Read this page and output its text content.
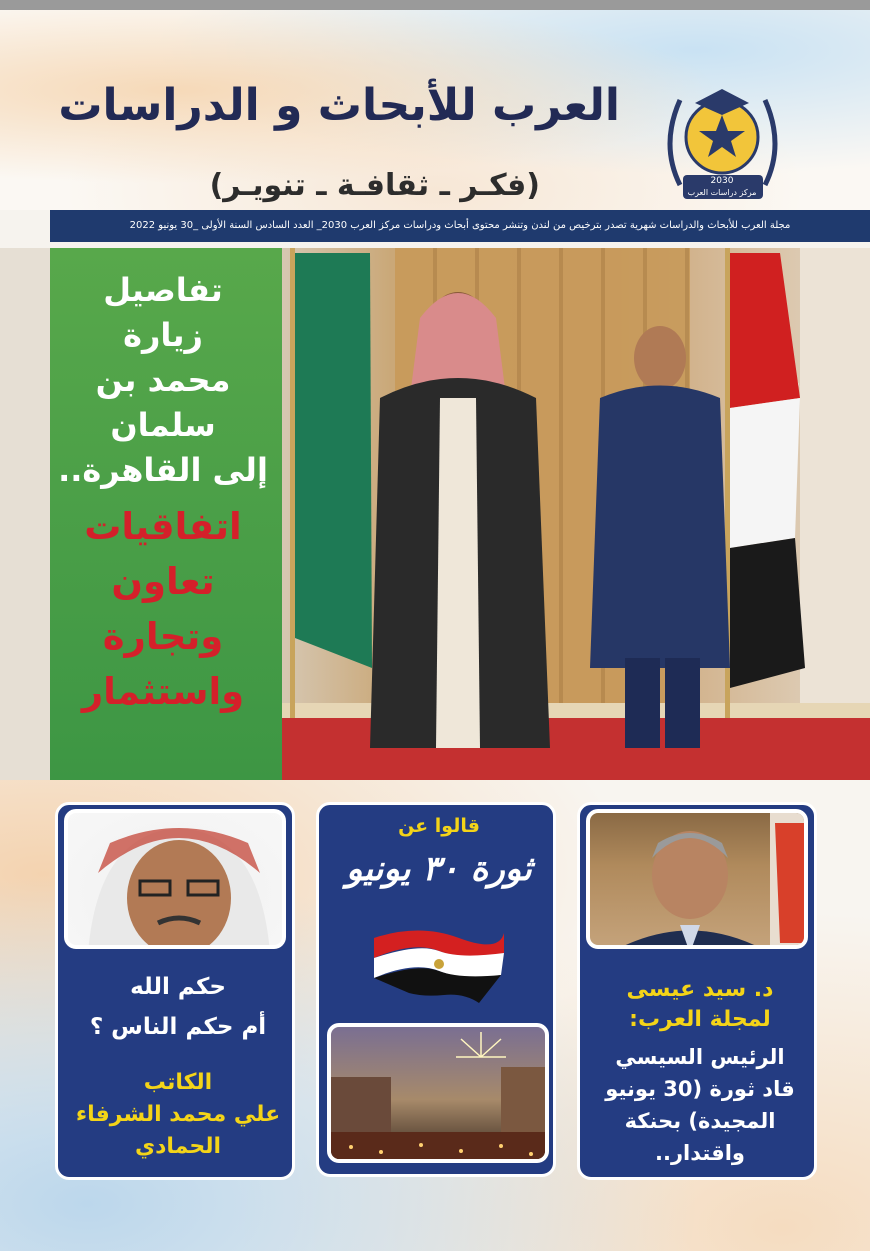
العرب للأبحاث و الدراسات
(فكـر ـ ثقافـة ـ تنويـر)	2030
مركز دراسات العرب
مجلة العرب للأبحاث والدراسات شهرية تصدر بترخيص من لندن وتنشر محتوى أبحاث ودراسات مركز العرب 2030_ العدد السادس السنة الأولى _30 يونيو 2022
تفاصيل
زيارة
محمد بن
سلمان
إلى القاهرة..
اتفاقيات
تعاون
وتجارة
واستثمار
حكم الله
أم حكم الناس ؟
الكاتب
علي محمد الشرفاء
الحمادي
قالوا عن
ثورة ٣٠ يونيو
د. سيد عيسى
لمجلة العرب:
الرئيس السيسي
قاد ثورة (30 يونيو
المجيدة) بحنكة
واقتدار..
